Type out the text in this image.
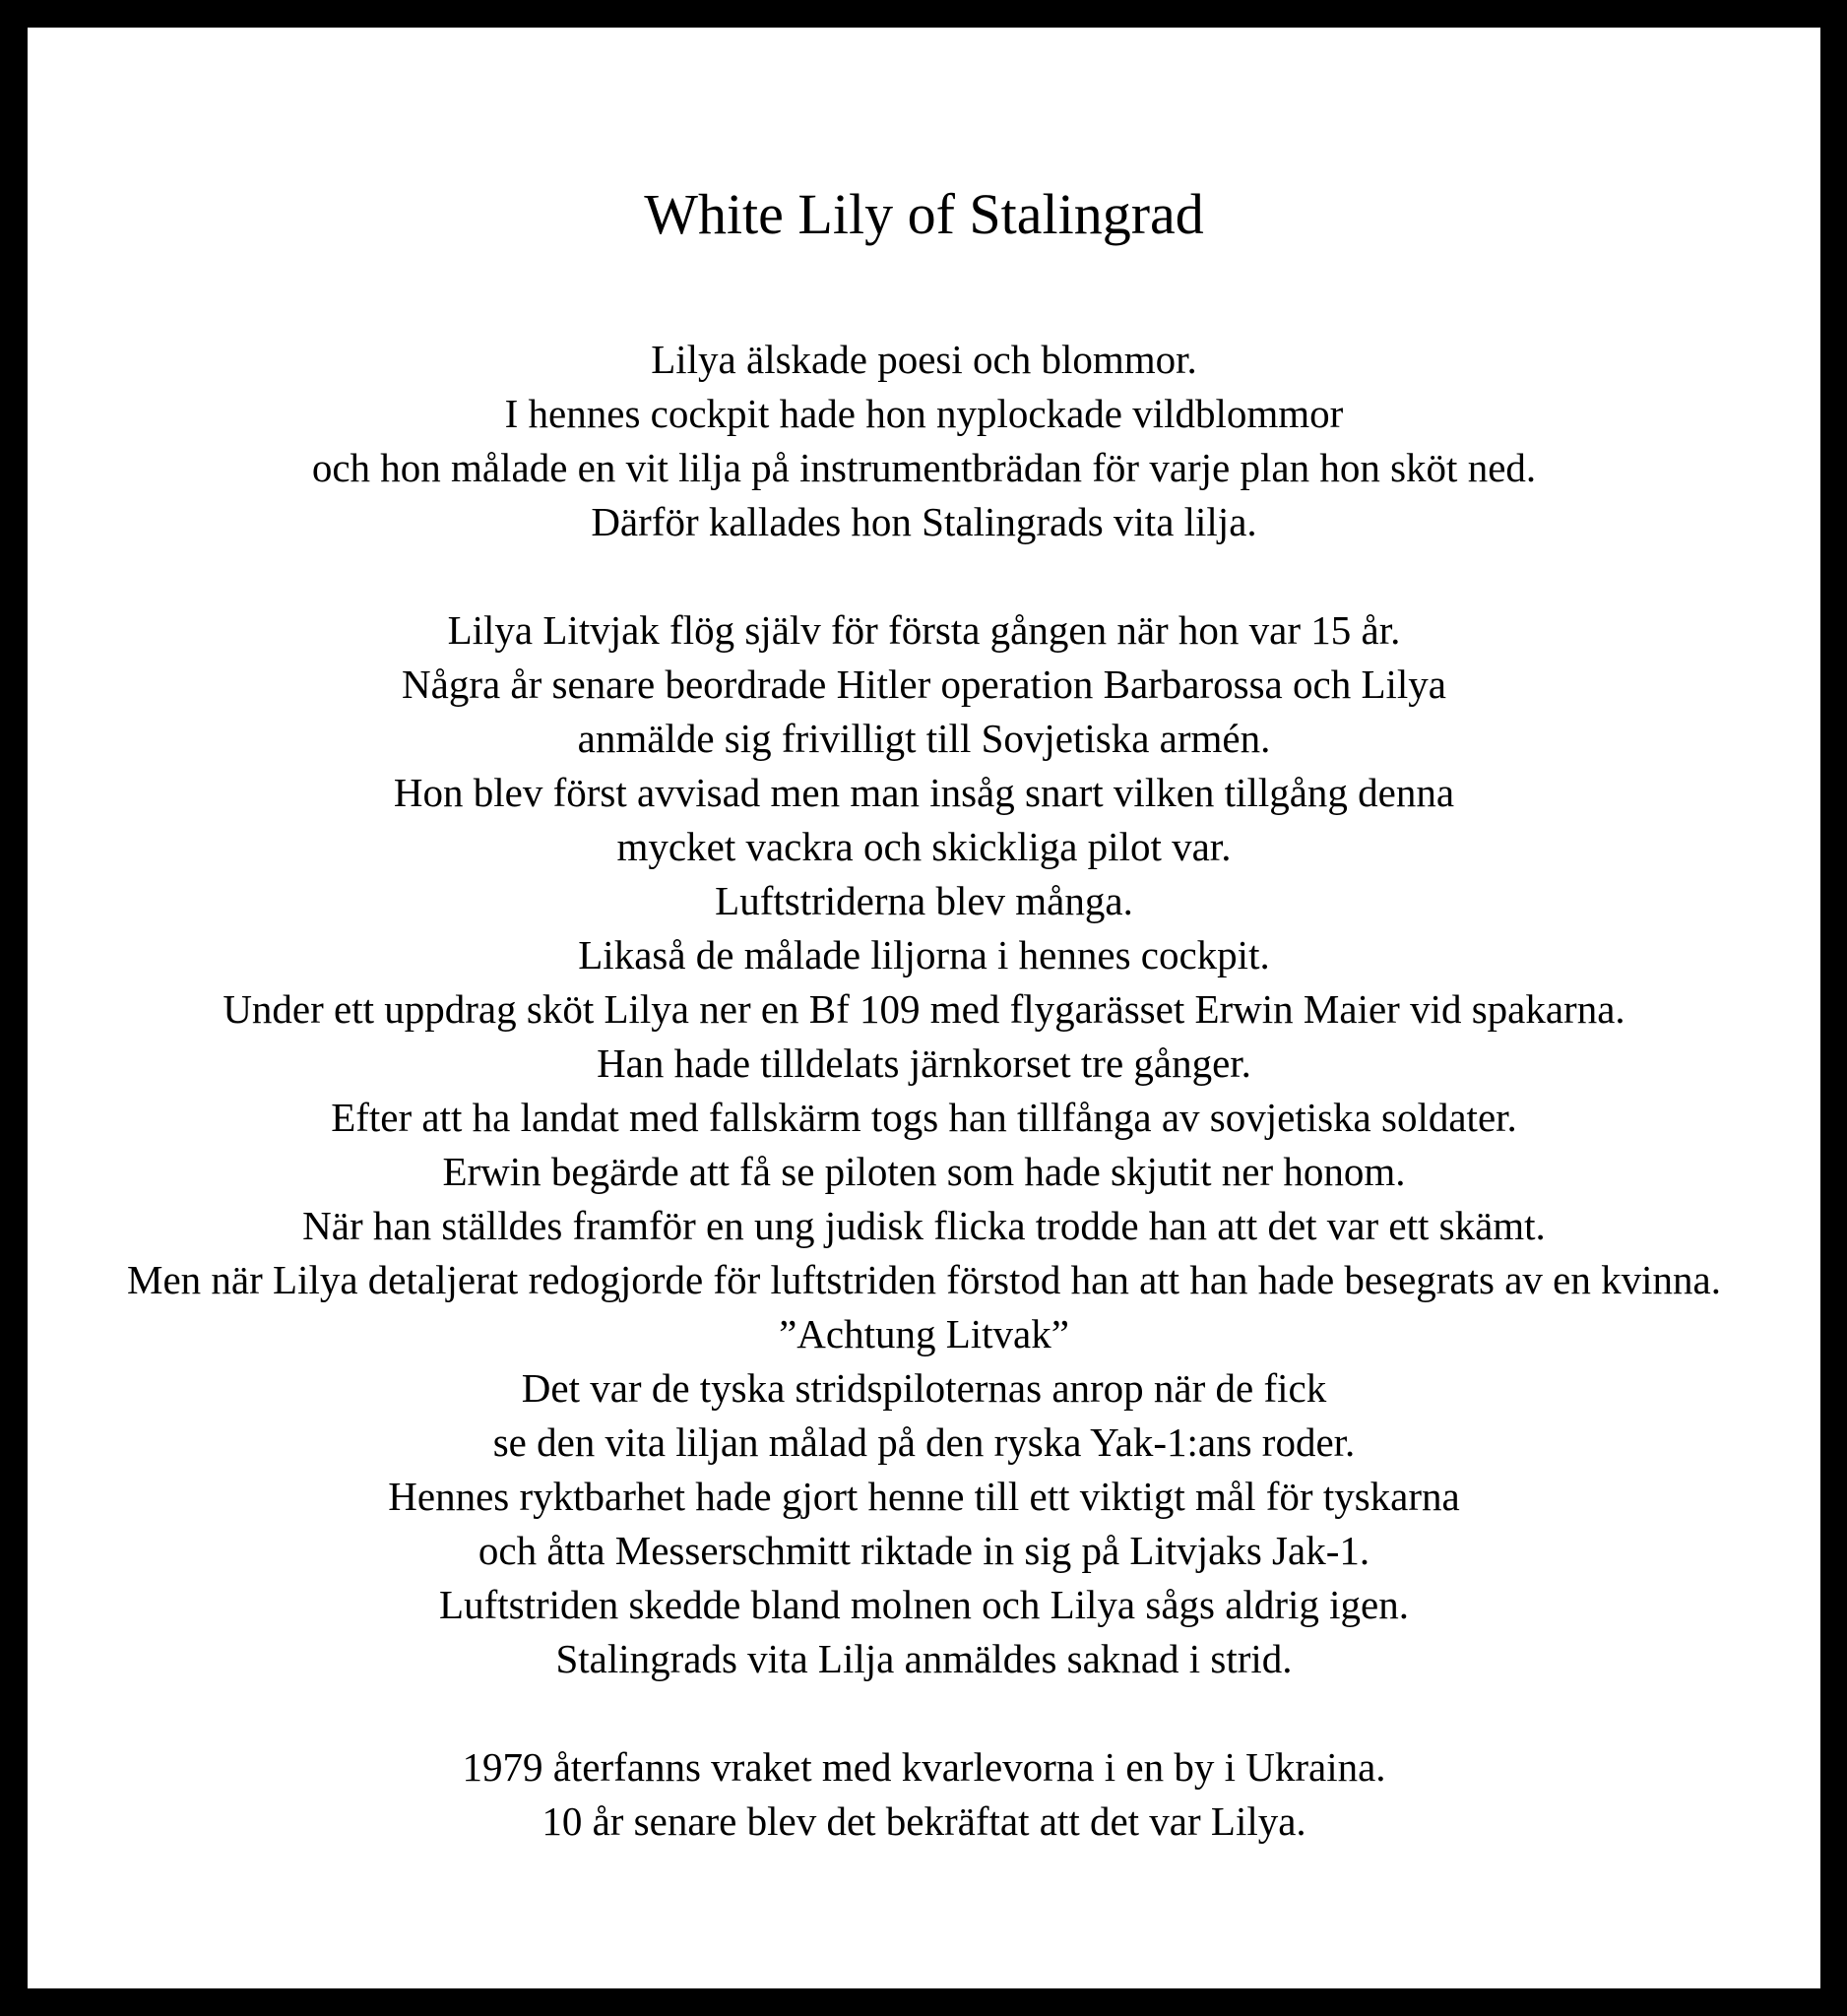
White Lily of Stalingrad

Lilya älskade poesi och blommor.
I hennes cockpit hade hon nyplockade vildblommor
och hon målade en vit lilja på instrumentbrädan för varje plan hon sköt ned.
Därför kallades hon Stalingrads vita lilja.

Lilya Litvjak flög själv för första gången när hon var 15 år.
Några år senare beordrade Hitler operation Barbarossa och Lilya
anmälde sig frivilligt till Sovjetiska armén.
Hon blev först avvisad men man insåg snart vilken tillgång denna
mycket vackra och skickliga pilot var.
Luftstriderna blev många.
Likaså de målade liljorna i hennes cockpit.
Under ett uppdrag sköt Lilya ner en Bf 109 med flygarässet Erwin Maier vid spakarna.
Han hade tilldelats järnkorset tre gånger.
Efter att ha landat med fallskärm togs han tillfånga av sovjetiska soldater.
Erwin begärde att få se piloten som hade skjutit ner honom.
När han ställdes framför en ung judisk flicka trodde han att det var ett skämt.
Men när Lilya detaljerat redogjorde för luftstriden förstod han att han hade besegrats av en kvinna.
”Achtung Litvak”
Det var de tyska stridspiloternas anrop när de fick
se den vita liljan målad på den ryska Yak-1:ans roder.
Hennes ryktbarhet hade gjort henne till ett viktigt mål för tyskarna
och åtta Messerschmitt riktade in sig på Litvjaks Jak-1.
Luftstriden skedde bland molnen och Lilya sågs aldrig igen.
Stalingrads vita Lilja anmäldes saknad i strid.

1979 återfanns vraket med kvarlevorna i en by i Ukraina.
10 år senare blev det bekräftat att det var Lilya.
